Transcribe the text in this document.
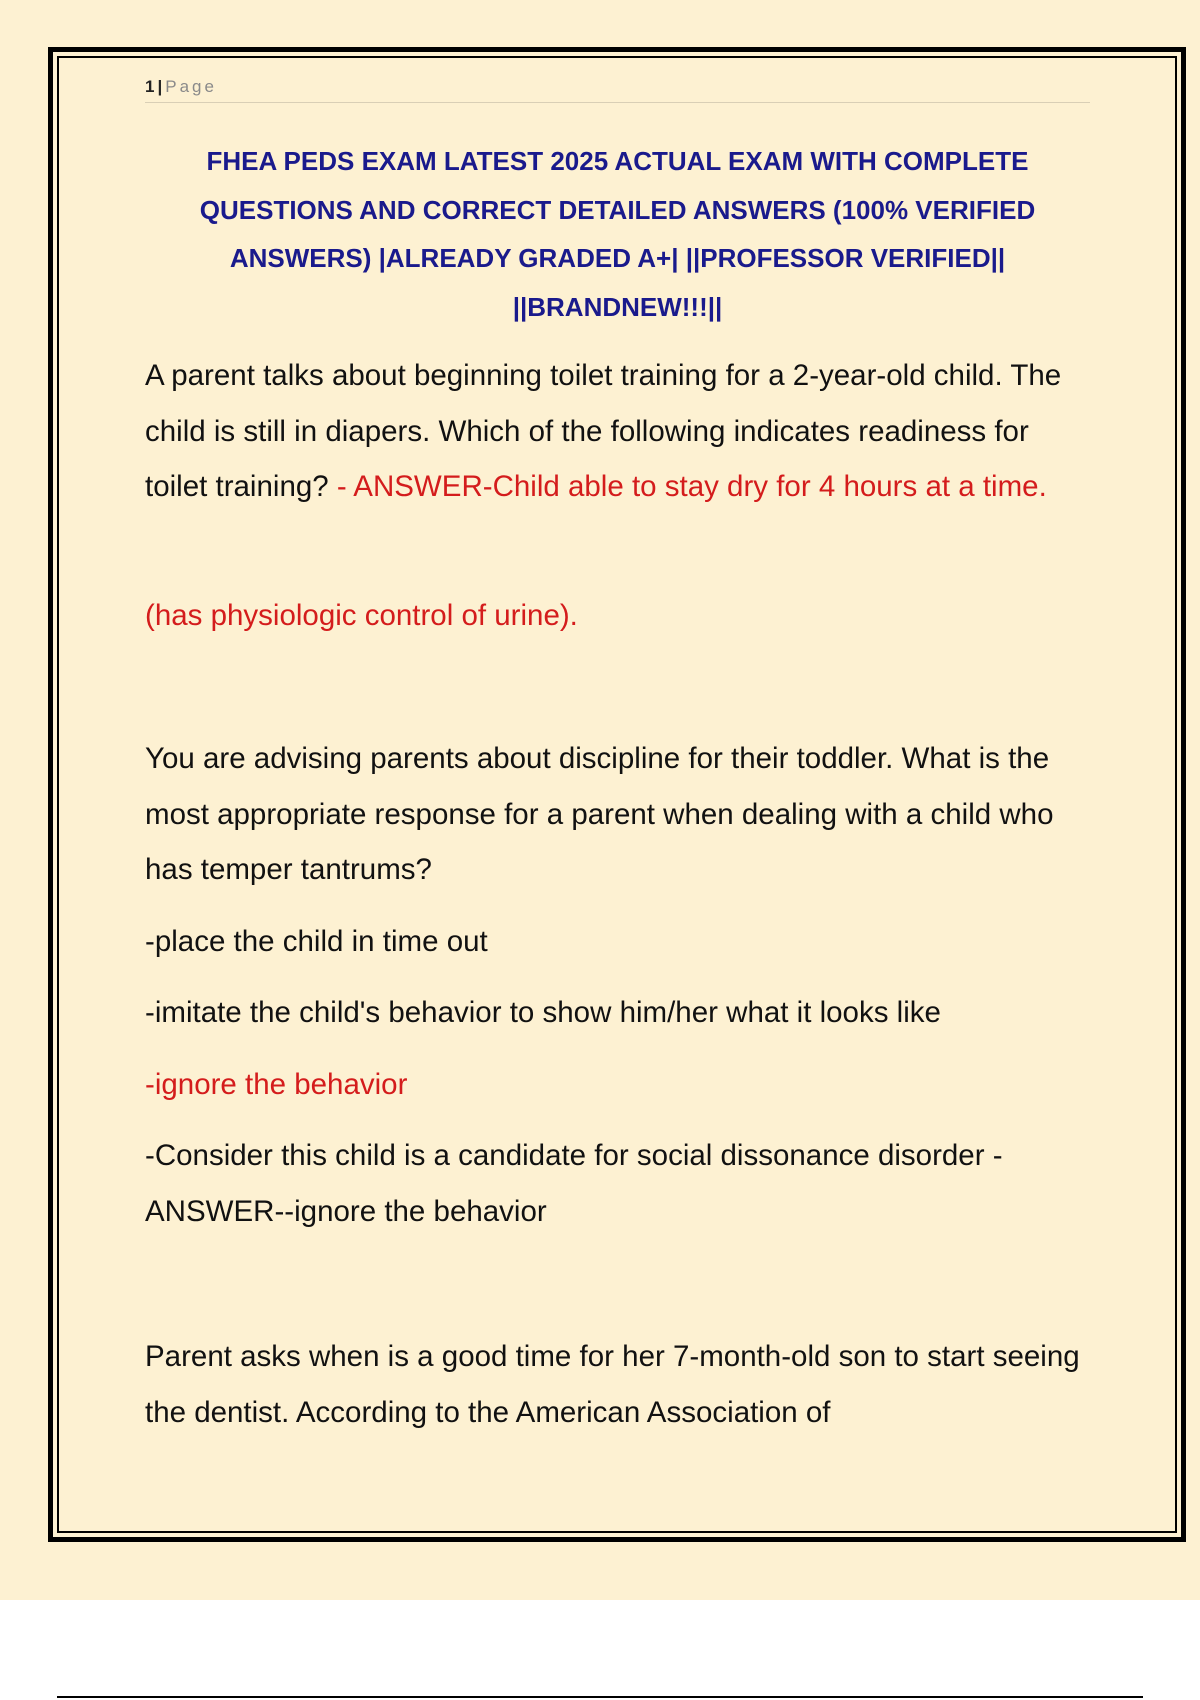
1 | Page
FHEA PEDS EXAM LATEST 2025 ACTUAL EXAM WITH COMPLETE QUESTIONS AND CORRECT DETAILED ANSWERS (100% VERIFIED ANSWERS) |ALREADY GRADED A+| ||PROFESSOR VERIFIED|| ||BRANDNEW!!!||

A parent talks about beginning toilet training for a 2-year-old child. The child is still in diapers. Which of the following indicates readiness for toilet training? - ANSWER-Child able to stay dry for 4 hours at a time.

(has physiologic control of urine).

You are advising parents about discipline for their toddler. What is the most appropriate response for a parent when dealing with a child who has temper tantrums?

-place the child in time out

-imitate the child's behavior to show him/her what it looks like

-ignore the behavior

-Consider this child is a candidate for social dissonance disorder - ANSWER--ignore the behavior

Parent asks when is a good time for her 7-month-old son to start seeing the dentist. According to the American Association of
